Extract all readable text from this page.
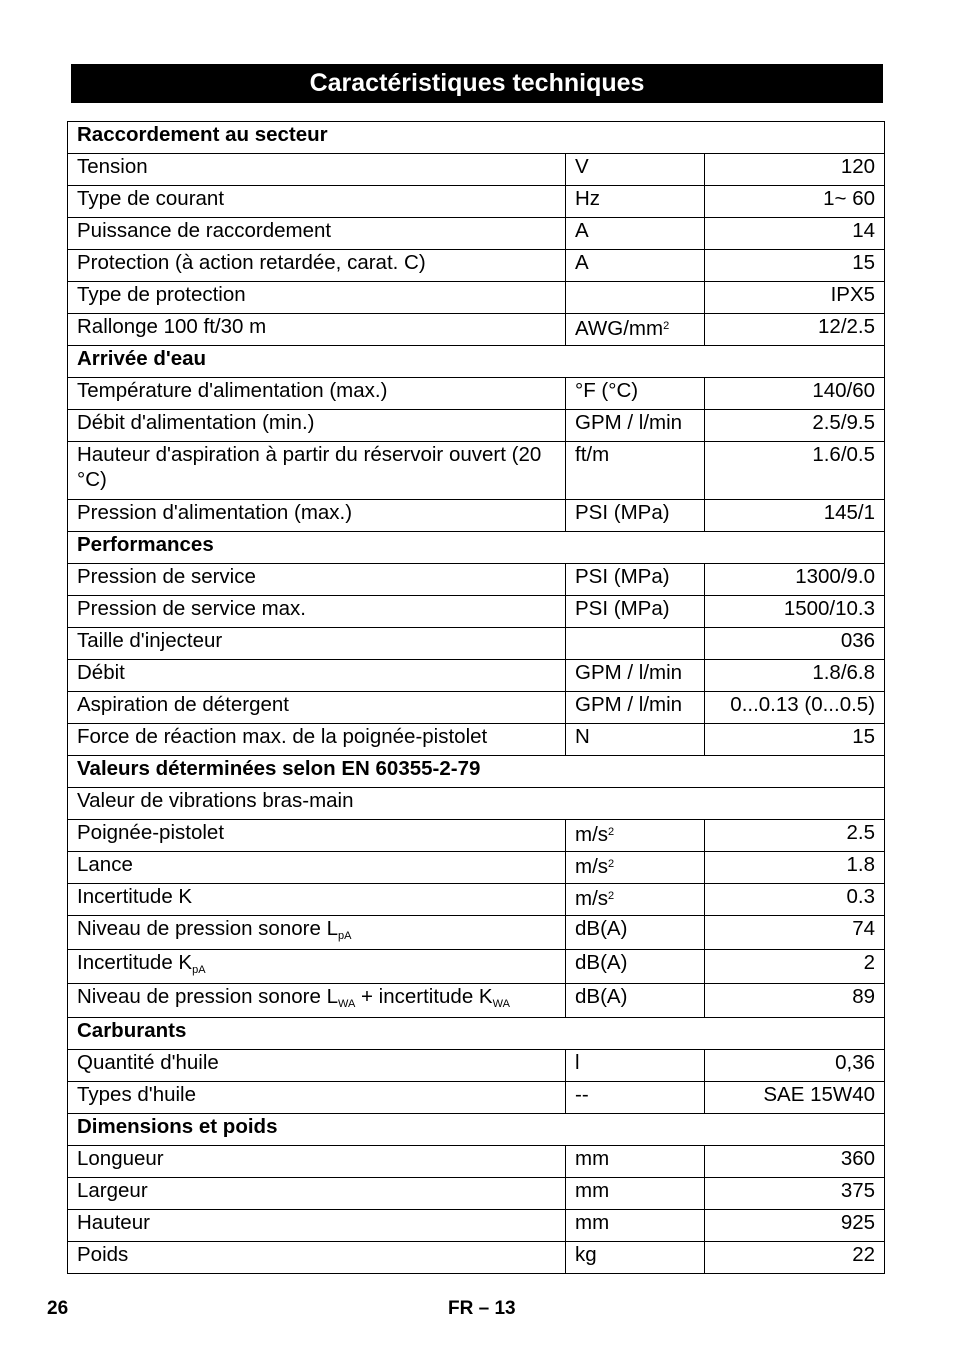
Caractéristiques techniques
Raccordement au secteur		
Tension	V	120
Type de courant	Hz	1~ 60
Puissance de raccordement	A	14
Protection (à action retardée, carat. C)	A	15
Type de protection		IPX5
Rallonge 100 ft/30 m	AWG/$mm^2$	12/2.5
Arrivée d'eau		
Température d'alimentation (max.)	°F (°C)	140/60
Débit d'alimentation (min.)	GPM / l/min	2.5/9.5
Hauteur d'aspiration à partir du réservoir ouvert (20 °C)	ft/m	1.6/0.5
Pression d'alimentation (max.)	PSI (MPa)	145/1
Performances		
Pression de service	PSI (MPa)	1300/9.0
Pression de service max.	PSI (MPa)	1500/10.3
Taille d'injecteur		036
Débit	GPM / l/min	1.8/6.8
Aspiration de détergent	GPM / l/min	0...0.13 (0...0.5)
Force de réaction max. de la poignée-pistolet	N	15
Valeurs déterminées selon EN 60355-2-79		
Valeur de vibrations bras-main		
Poignée-pistolet	$m/s^2$	2.5
Lance	$m/s^2$	1.8
Incertitude K	$m/s^2$	0.3
Niveau de pression sonore $L_{pA}$	dB(A)	74
Incertitude $K_{pA}$	dB(A)	2
Niveau de pression sonore $L_{WA}$ + incertitude $K_{WA}$	dB(A)	89
Carburants		
Quantité d'huile	l	0,36
Types d'huile	--	SAE 15W40
Dimensions et poids		
Longueur	mm	360
Largeur	mm	375
Hauteur	mm	925
Poids	kg	22
26	FR – 13
